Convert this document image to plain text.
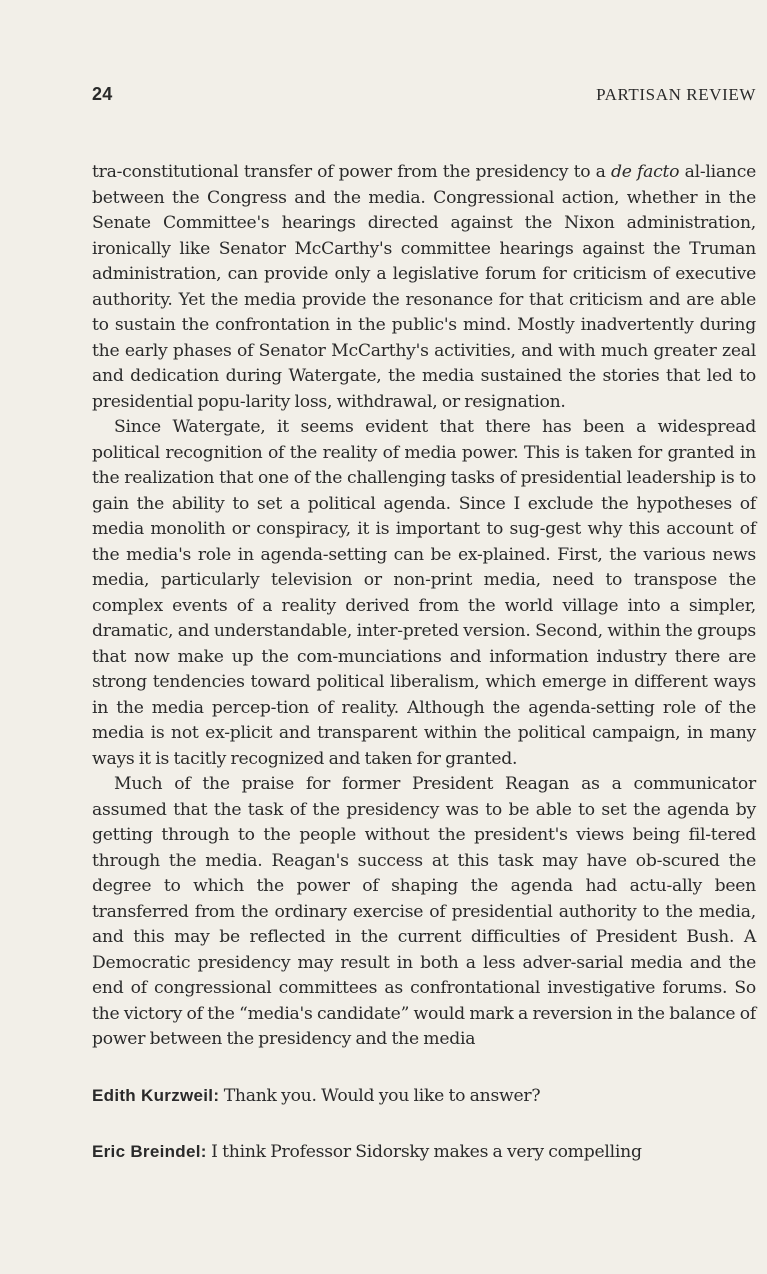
24	PARTISAN REVIEW

tra-constitutional transfer of power from the presidency to a de facto al-liance between the Congress and the media. Congressional action, whether in the Senate Committee's hearings directed against the Nixon administration, ironically like Senator McCarthy's committee hearings against the Truman administration, can provide only a legislative forum for criticism of executive authority. Yet the media provide the resonance for that criticism and are able to sustain the confrontation in the public's mind. Mostly inadvertently during the early phases of Senator McCarthy's activities, and with much greater zeal and dedication during Watergate, the media sustained the stories that led to presidential popu-larity loss, withdrawal, or resignation.

Since Watergate, it seems evident that there has been a widespread political recognition of the reality of media power. This is taken for granted in the realization that one of the challenging tasks of presidential leadership is to gain the ability to set a political agenda. Since I exclude the hypotheses of media monolith or conspiracy, it is important to sug-gest why this account of the media's role in agenda-setting can be ex-plained. First, the various news media, particularly television or non-print media, need to transpose the complex events of a reality derived from the world village into a simpler, dramatic, and understandable, inter-preted version. Second, within the groups that now make up the com-munciations and information industry there are strong tendencies toward political liberalism, which emerge in different ways in the media percep-tion of reality. Although the agenda-setting role of the media is not ex-plicit and transparent within the political campaign, in many ways it is tacitly recognized and taken for granted.

Much of the praise for former President Reagan as a communicator assumed that the task of the presidency was to be able to set the agenda by getting through to the people without the president's views being fil-tered through the media. Reagan's success at this task may have ob-scured the degree to which the power of shaping the agenda had actu-ally been transferred from the ordinary exercise of presidential authority to the media, and this may be reflected in the current difficulties of President Bush. A Democratic presidency may result in both a less adver-sarial media and the end of congressional committees as confrontational investigative forums. So the victory of the “media's candidate” would mark a reversion in the balance of power between the presidency and the media

Edith Kurzweil: Thank you. Would you like to answer?

Eric Breindel: I think Professor Sidorsky makes a very compelling
